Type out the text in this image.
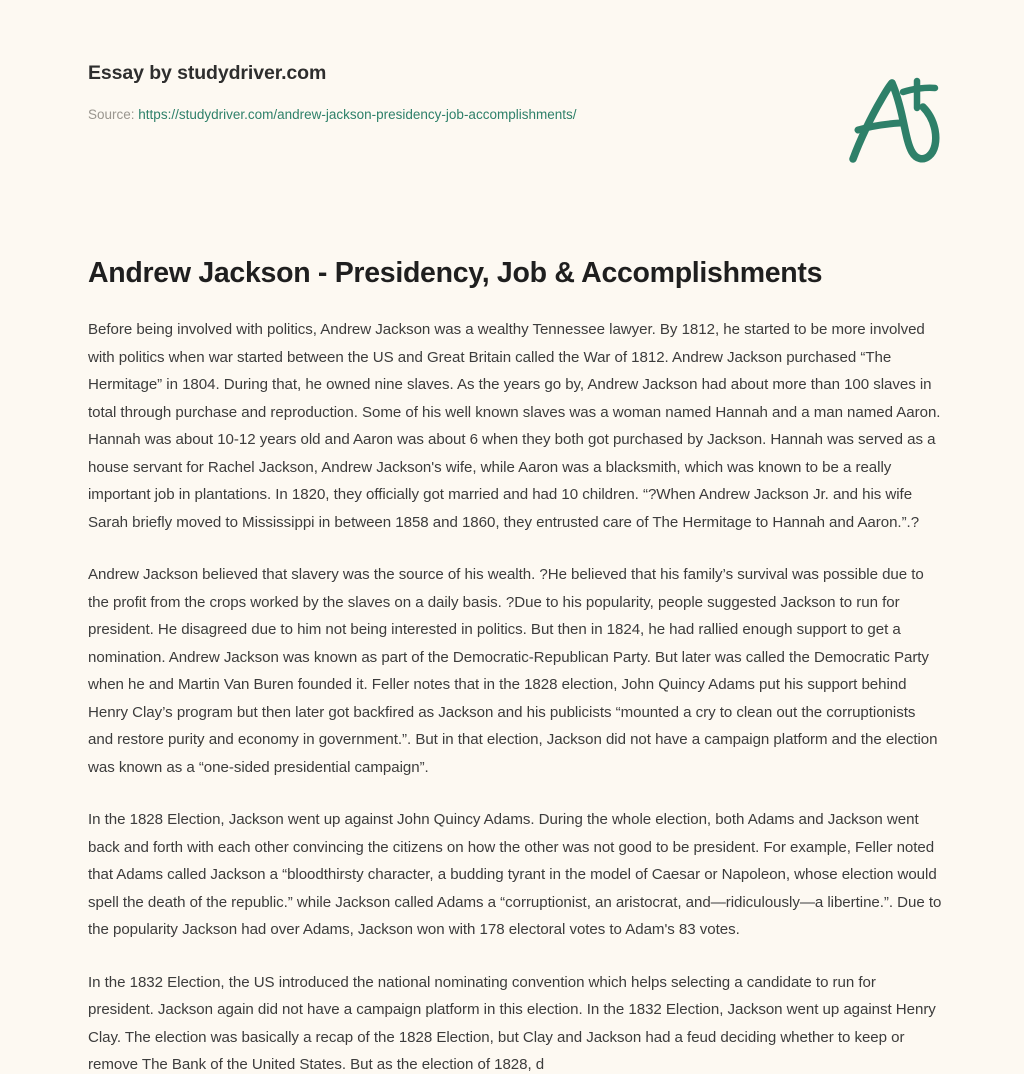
Essay by studydriver.com
Source: https://studydriver.com/andrew-jackson-presidency-job-accomplishments/
Andrew Jackson - Presidency, Job & Accomplishments

Before being involved with politics, Andrew Jackson was a wealthy Tennessee lawyer. By 1812, he started to be more involved with politics when war started between the US and Great Britain called the War of 1812. Andrew Jackson purchased “The Hermitage” in 1804. During that, he owned nine slaves. As the years go by, Andrew Jackson had about more than 100 slaves in total through purchase and reproduction. Some of his well known slaves was a woman named Hannah and a man named Aaron. Hannah was about 10-12 years old and Aaron was about 6 when they both got purchased by Jackson. Hannah was served as a house servant for Rachel Jackson, Andrew Jackson's wife, while Aaron was a blacksmith, which was known to be a really important job in plantations. In 1820, they officially got married and had 10 children. “?When Andrew Jackson Jr. and his wife Sarah briefly moved to Mississippi in between 1858 and 1860, they entrusted care of The Hermitage to Hannah and Aaron.”.?

Andrew Jackson believed that slavery was the source of his wealth. ?He believed that his family’s survival was possible due to the profit from the crops worked by the slaves on a daily basis. ?Due to his popularity, people suggested Jackson to run for president. He disagreed due to him not being interested in politics. But then in 1824, he had rallied enough support to get a nomination. Andrew Jackson was known as part of the Democratic-Republican Party. But later was called the Democratic Party when he and Martin Van Buren founded it. Feller notes that in the 1828 election, John Quincy Adams put his support behind Henry Clay’s program but then later got backfired as Jackson and his publicists “mounted a cry to clean out the corruptionists and restore purity and economy in government.”. But in that election, Jackson did not have a campaign platform and the election was known as a “one-sided presidential campaign”.

In the 1828 Election, Jackson went up against John Quincy Adams. During the whole election, both Adams and Jackson went back and forth with each other convincing the citizens on how the other was not good to be president. For example, Feller noted that Adams called Jackson a “bloodthirsty character, a budding tyrant in the model of Caesar or Napoleon, whose election would spell the death of the republic.” while Jackson called Adams a “corruptionist, an aristocrat, and—ridiculously—a libertine.”. Due to the popularity Jackson had over Adams, Jackson won with 178 electoral votes to Adam's 83 votes.

In the 1832 Election, the US introduced the national nominating convention which helps selecting a candidate to run for president. Jackson again did not have a campaign platform in this election. In the 1832 Election, Jackson went up against Henry Clay. The election was basically a recap of the 1828 Election, but Clay and Jackson had a feud deciding whether to keep or remove The Bank of the United States. But as the election of 1828, d
